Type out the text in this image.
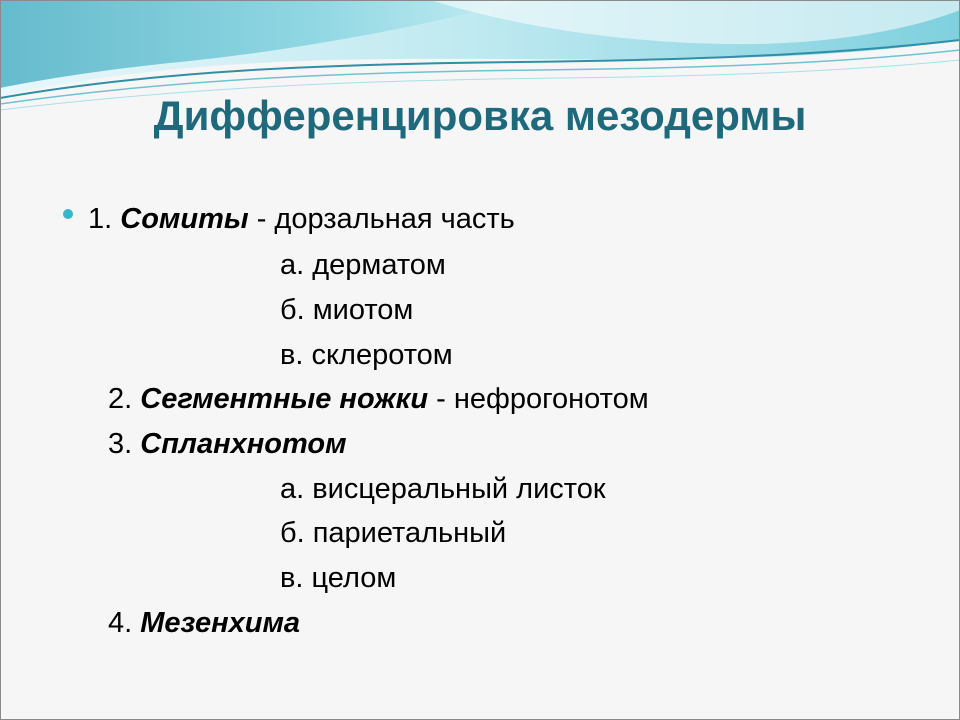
Дифференцировка мезодермы
1. Сомиты - дорзальная часть
а. дерматом
б. миотом
в. склеротом
2. Сегментные ножки - нефрогонотом
3. Спланхнотом
а. висцеральный листок
б. париетальный
в. целом
4. Мезенхима
